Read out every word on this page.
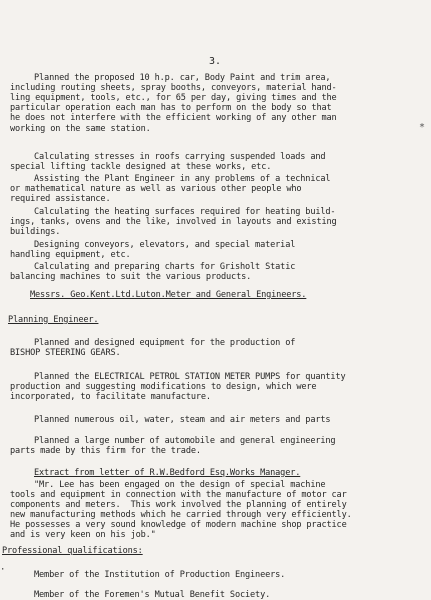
3.
*
Planned the proposed 10 h.p. car, Body Paint and trim area,
including routing sheets, spray booths, conveyors, material hand-
ling equipment, tools, etc., for 65 per day, giving times and the
particular operation each man has to perform on the body so that
he does not interfere with the efficient working of any other man
working on the same station.
Calculating stresses in roofs carrying suspended loads and
special lifting tackle designed at these works, etc.
Assisting the Plant Engineer in any problems of a technical
or mathematical nature as well as various other people who
required assistance.
Calculating the heating surfaces required for heating build-
ings, tanks, ovens and the like, involved in layouts and existing
buildings.
Designing conveyors, elevators, and special material
handling equipment, etc.
Calculating and preparing charts for Grisholt Static
balancing machines to suit the various products.
Messrs. Geo.Kent.Ltd.Luton.Meter and General Engineers.
Planning Engineer.
Planned and designed equipment for the production of
BISHOP STEERING GEARS.
Planned the ELECTRICAL PETROL STATION METER PUMPS for quantity
production and suggesting modifications to design, which were
incorporated, to facilitate manufacture.
Planned numerous oil, water, steam and air meters and parts
Planned a large number of automobile and general engineering
parts made by this firm for the trade.
Extract from letter of R.W.Bedford Esq.Works Manager.
"Mr. Lee has been engaged on the design of special machine
tools and equipment in connection with the manufacture of motor car
components and meters.  This work involved the planning of entirely
new manufacturing methods which he carried through very efficiently.
He possesses a very sound knowledge of modern machine shop practice
and is very keen on his job."
Professional qualifications:
Member of the Institution of Production Engineers.
Member of the Foremen's Mutual Benefit Society.
·
